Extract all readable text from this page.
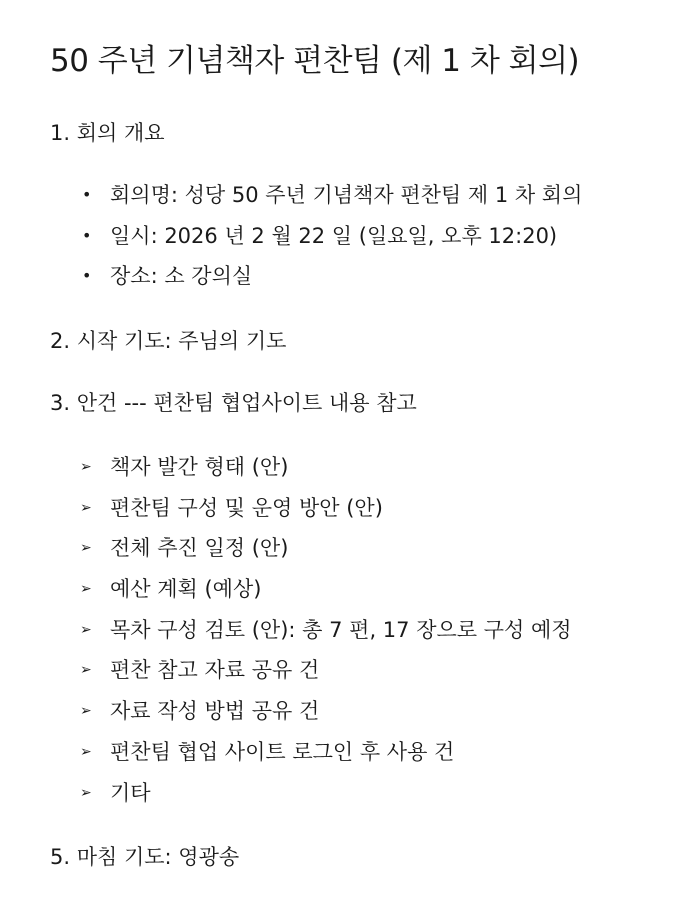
50 주년 기념책자 편찬팀 (제 1 차 회의)

1. 회의 개요

• 회의명: 성당 50 주년 기념책자 편찬팀 제 1 차 회의
• 일시: 2026 년 2 월 22 일 (일요일, 오후 12:20)
• 장소: 소 강의실

2. 시작 기도: 주님의 기도

3. 안건 --- 편찬팀 협업사이트 내용 참고

➢ 책자 발간 형태 (안)
➢ 편찬팀 구성 및 운영 방안 (안)
➢ 전체 추진 일정 (안)
➢ 예산 계획 (예상)
➢ 목차 구성 검토 (안): 총 7 편, 17 장으로 구성 예정
➢ 편찬 참고 자료 공유 건
➢ 자료 작성 방법 공유 건
➢ 편찬팀 협업 사이트 로그인 후 사용 건
➢ 기타

5. 마침 기도: 영광송
